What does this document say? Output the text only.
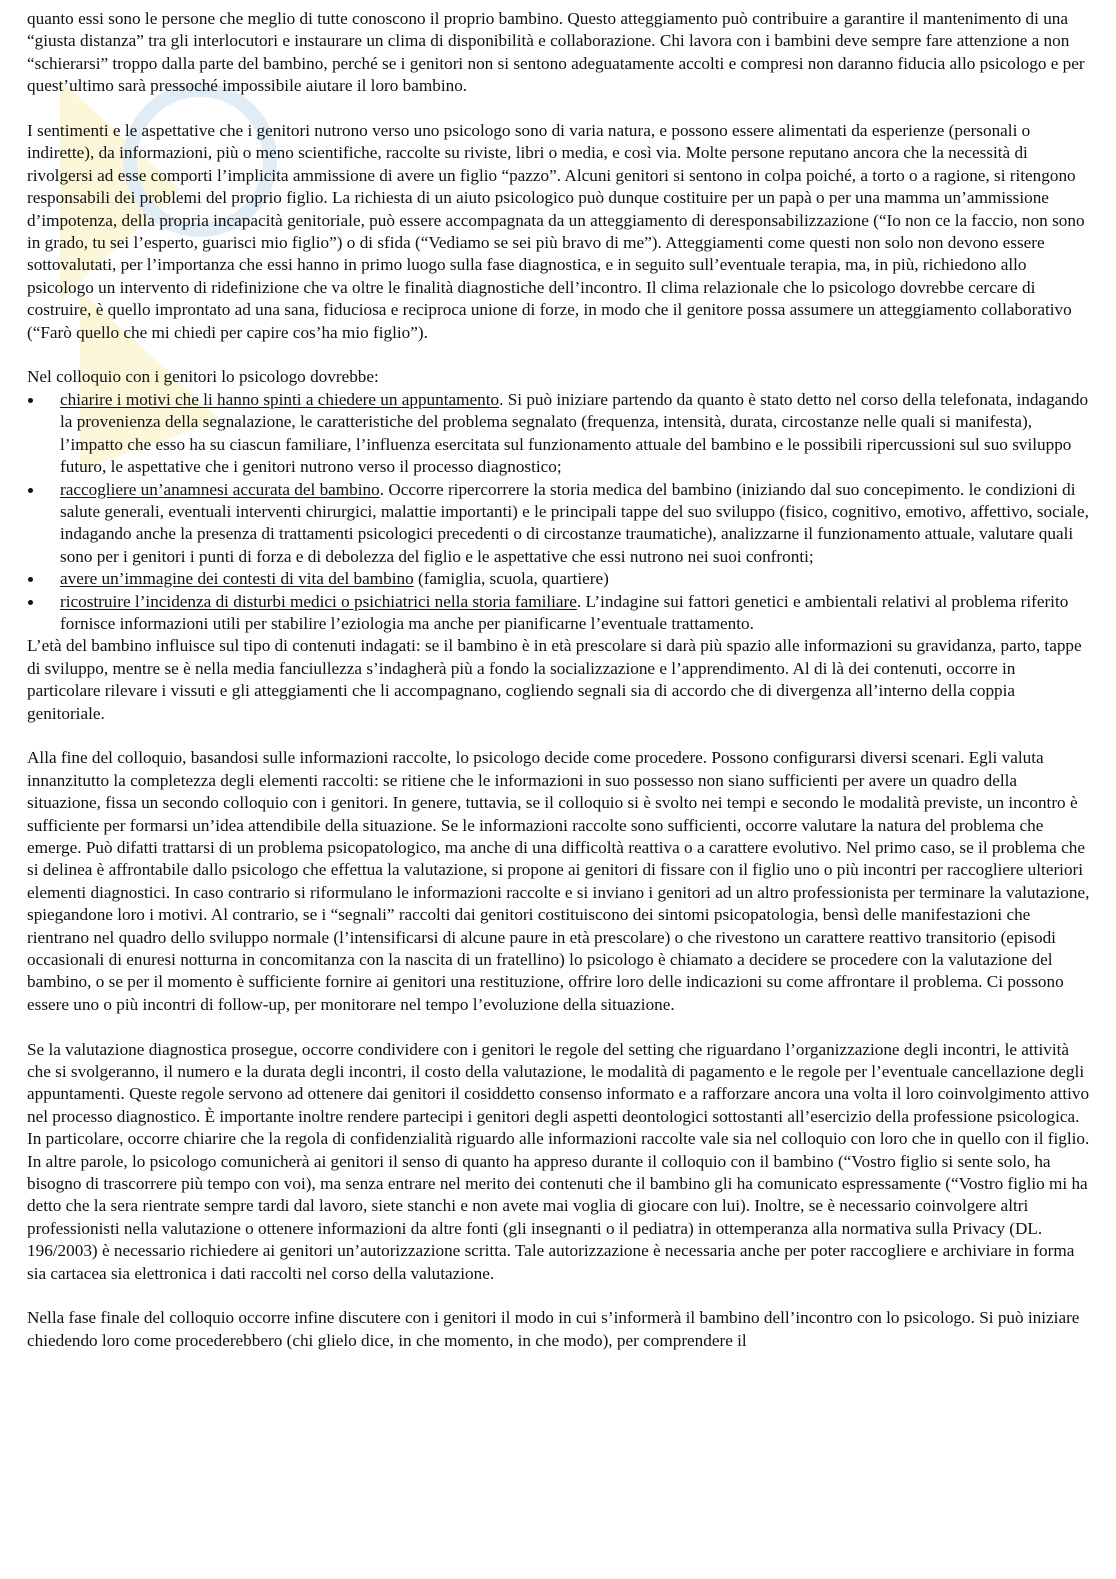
quanto essi sono le persone che meglio di tutte conoscono il proprio bambino. Questo atteggiamento può contribuire a garantire il mantenimento di una “giusta distanza” tra gli interlocutori e instaurare un clima di disponibilità e collaborazione. Chi lavora con i bambini deve sempre fare attenzione a non “schierarsi” troppo dalla parte del bambino, perché se i genitori non si sentono adeguatamente accolti e compresi non daranno fiducia allo psicologo e per quest’ultimo sarà pressoché impossibile aiutare il loro bambino.

I sentimenti e le aspettative che i genitori nutrono verso uno psicologo sono di varia natura, e possono essere alimentati da esperienze (personali o indirette), da informazioni, più o meno scientifiche, raccolte su riviste, libri o media, e così via. Molte persone reputano ancora che la necessità di rivolgersi ad esse comporti l’implicita ammissione di avere un figlio “pazzo”. Alcuni genitori si sentono in colpa poiché, a torto o a ragione, si ritengono responsabili dei problemi del proprio figlio. La richiesta di un aiuto psicologico può dunque costituire per un papà o per una mamma un’ammissione d’impotenza, della propria incapacità genitoriale, può essere accompagnata da un atteggiamento di deresponsabilizzazione (“Io non ce la faccio, non sono in grado, tu sei l’esperto, guarisci mio figlio”) o di sfida (“Vediamo se sei più bravo di me”). Atteggiamenti come questi non solo non devono essere sottovalutati, per l’importanza che essi hanno in primo luogo sulla fase diagnostica, e in seguito sull’eventuale terapia, ma, in più, richiedono allo psicologo un intervento di ridefinizione che va oltre le finalità diagnostiche dell’incontro. Il clima relazionale che lo psicologo dovrebbe cercare di costruire, è quello improntato ad una sana, fiduciosa e reciproca unione di forze, in modo che il genitore possa assumere un atteggiamento collaborativo (“Farò quello che mi chiedi per capire cos’ha mio figlio”).

Nel colloquio con i genitori lo psicologo dovrebbe:

chiarire i motivi che li hanno spinti a chiedere un appuntamento. Si può iniziare partendo da quanto è stato detto nel corso della telefonata, indagando la provenienza della segnalazione, le caratteristiche del problema segnalato (frequenza, intensità, durata, circostanze nelle quali si manifesta), l’impatto che esso ha su ciascun familiare, l’influenza esercitata sul funzionamento attuale del bambino e le possibili ripercussioni sul suo sviluppo futuro, le aspettative che i genitori nutrono verso il processo diagnostico;
raccogliere un’anamnesi accurata del bambino. Occorre ripercorrere la storia medica del bambino (iniziando dal suo concepimento. le condizioni di salute generali, eventuali interventi chirurgici, malattie importanti) e le principali tappe del suo sviluppo (fisico, cognitivo, emotivo, affettivo, sociale, indagando anche la presenza di trattamenti psicologici precedenti o di circostanze traumatiche), analizzarne il funzionamento attuale, valutare quali sono per i genitori i punti di forza e di debolezza del figlio e le aspettative che essi nutrono nei suoi confronti;
avere un’immagine dei contesti di vita del bambino (famiglia, scuola, quartiere)
ricostruire l’incidenza di disturbi medici o psichiatrici nella storia familiare. L’indagine sui fattori genetici e ambientali relativi al problema riferito fornisce informazioni utili per stabilire l’eziologia ma anche per pianificarne l’eventuale trattamento.

L’età del bambino influisce sul tipo di contenuti indagati: se il bambino è in età prescolare si darà più spazio alle informazioni su gravidanza, parto, tappe di sviluppo, mentre se è nella media fanciullezza s’indagherà più a fondo la socializzazione e l’apprendimento. Al di là dei contenuti, occorre in particolare rilevare i vissuti e gli atteggiamenti che li accompagnano, cogliendo segnali sia di accordo che di divergenza all’interno della coppia genitoriale.

Alla fine del colloquio, basandosi sulle informazioni raccolte, lo psicologo decide come procedere. Possono configurarsi diversi scenari. Egli valuta innanzitutto la completezza degli elementi raccolti: se ritiene che le informazioni in suo possesso non siano sufficienti per avere un quadro della situazione, fissa un secondo colloquio con i genitori. In genere, tuttavia, se il colloquio si è svolto nei tempi e secondo le modalità previste, un incontro è sufficiente per formarsi un’idea attendibile della situazione. Se le informazioni raccolte sono sufficienti, occorre valutare la natura del problema che emerge. Può difatti trattarsi di un problema psicopatologico, ma anche di una difficoltà reattiva o a carattere evolutivo. Nel primo caso, se il problema che si delinea è affrontabile dallo psicologo che effettua la valutazione, si propone ai genitori di fissare con il figlio uno o più incontri per raccogliere ulteriori elementi diagnostici. In caso contrario si riformulano le informazioni raccolte e si inviano i genitori ad un altro professionista per terminare la valutazione, spiegandone loro i motivi. Al contrario, se i “segnali” raccolti dai genitori costituiscono dei sintomi psicopatologia, bensì delle manifestazioni che rientrano nel quadro dello sviluppo normale (l’intensificarsi di alcune paure in età prescolare) o che rivestono un carattere reattivo transitorio (episodi occasionali di enuresi notturna in concomitanza con la nascita di un fratellino) lo psicologo è chiamato a decidere se procedere con la valutazione del bambino, o se per il momento è sufficiente fornire ai genitori una restituzione, offrire loro delle indicazioni su come affrontare il problema. Ci possono essere uno o più incontri di follow-up, per monitorare nel tempo l’evoluzione della situazione.

Se la valutazione diagnostica prosegue, occorre condividere con i genitori le regole del setting che riguardano l’organizzazione degli incontri, le attività che si svolgeranno, il numero e la durata degli incontri, il costo della valutazione, le modalità di pagamento e le regole per l’eventuale cancellazione degli appuntamenti. Queste regole servono ad ottenere dai genitori il cosiddetto consenso informato e a rafforzare ancora una volta il loro coinvolgimento attivo nel processo diagnostico. È importante inoltre rendere partecipi i genitori degli aspetti deontologici sottostanti all’esercizio della professione psicologica. In particolare, occorre chiarire che la regola di confidenzialità riguardo alle informazioni raccolte vale sia nel colloquio con loro che in quello con il figlio. In altre parole, lo psicologo comunicherà ai genitori il senso di quanto ha appreso durante il colloquio con il bambino (“Vostro figlio si sente solo, ha bisogno di trascorrere più tempo con voi), ma senza entrare nel merito dei contenuti che il bambino gli ha comunicato espressamente (“Vostro figlio mi ha detto che la sera rientrate sempre tardi dal lavoro, siete stanchi e non avete mai voglia di giocare con lui). Inoltre, se è necessario coinvolgere altri professionisti nella valutazione o ottenere informazioni da altre fonti (gli insegnanti o il pediatra) in ottemperanza alla normativa sulla Privacy (DL. 196/2003) è necessario richiedere ai genitori un’autorizzazione scritta. Tale autorizzazione è necessaria anche per poter raccogliere e archiviare in forma sia cartacea sia elettronica i dati raccolti nel corso della valutazione.

Nella fase finale del colloquio occorre infine discutere con i genitori il modo in cui s’informerà il bambino dell’incontro con lo psicologo. Si può iniziare chiedendo loro come procederebbero (chi glielo dice, in che momento, in che modo), per comprendere il
